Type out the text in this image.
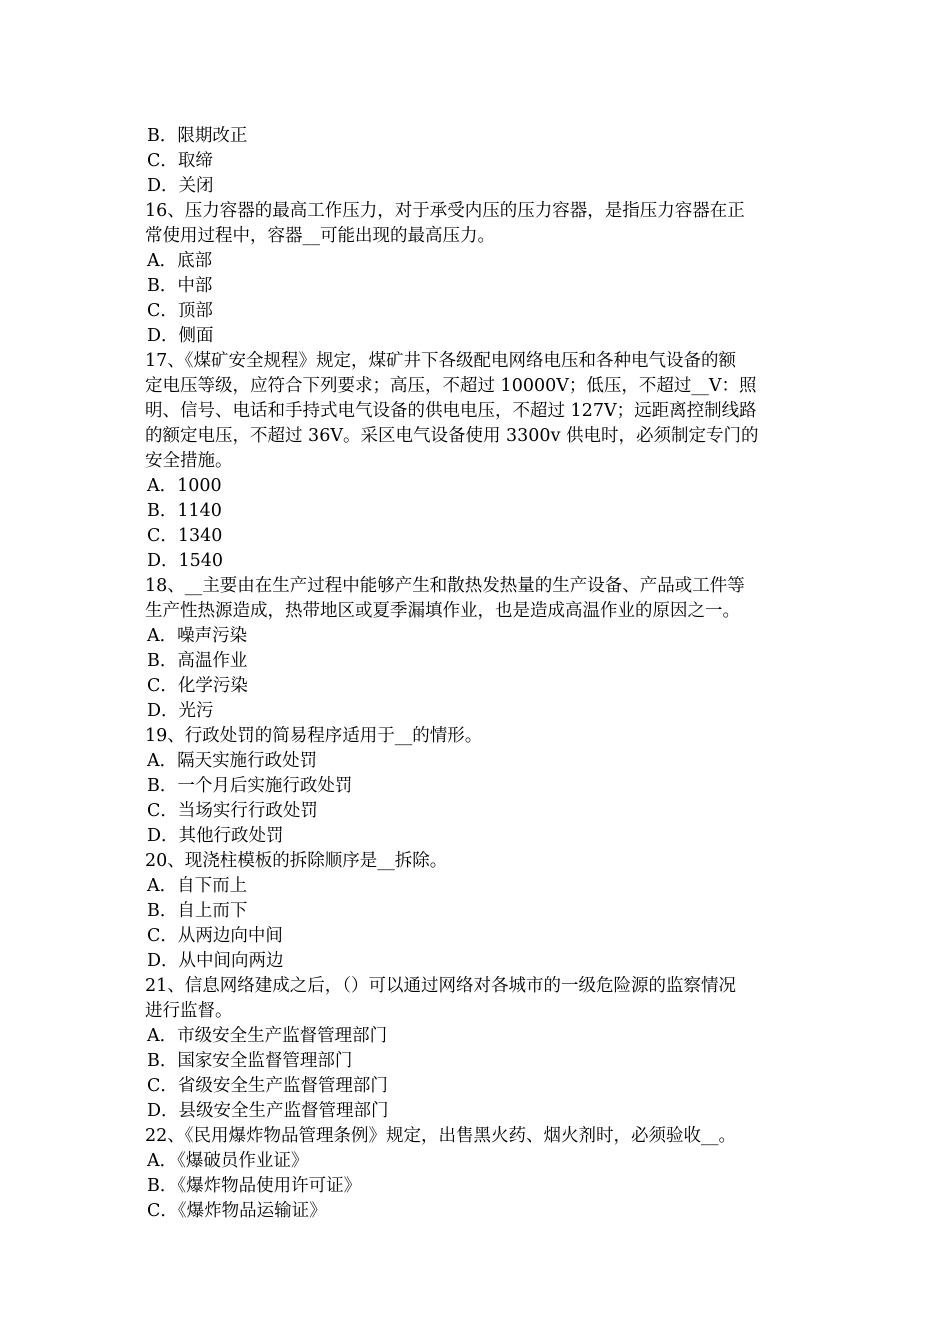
B．限期改正
C．取缔
D．关闭
16、压力容器的最高工作压力，对于承受内压的压力容器，是指压力容器在正
常使用过程中，容器__可能出现的最高压力。
A．底部
B．中部
C．顶部
D．侧面
17、《煤矿安全规程》规定，煤矿井下各级配电网络电压和各种电气设备的额
定电压等级，应符合下列要求；高压，不超过 10000V；低压，不超过__V：照
明、信号、电话和手持式电气设备的供电电压，不超过 127V；远距离控制线路
的额定电压，不超过 36V。采区电气设备使用 3300v 供电时，必须制定专门的
安全措施。
A．1000
B．1140
C．1340
D．1540
18、__主要由在生产过程中能够产生和散热发热量的生产设备、产品或工件等
生产性热源造成，热带地区或夏季漏填作业，也是造成高温作业的原因之一。
A．噪声污染
B．高温作业
C．化学污染
D．光污
19、行政处罚的简易程序适用于__的情形。
A．隔天实施行政处罚
B．一个月后实施行政处罚
C．当场实行行政处罚
D．其他行政处罚
20、现浇柱模板的拆除顺序是__拆除。
A．自下而上
B．自上而下
C．从两边向中间
D．从中间向两边
21、信息网络建成之后，（）可以通过网络对各城市的一级危险源的监察情况
进行监督。
A．市级安全生产监督管理部门
B．国家安全监督管理部门
C．省级安全生产监督管理部门
D．县级安全生产监督管理部门
22、《民用爆炸物品管理条例》规定，出售黑火药、烟火剂时，必须验收__。
A．《爆破员作业证》
B．《爆炸物品使用许可证》
C．《爆炸物品运输证》
